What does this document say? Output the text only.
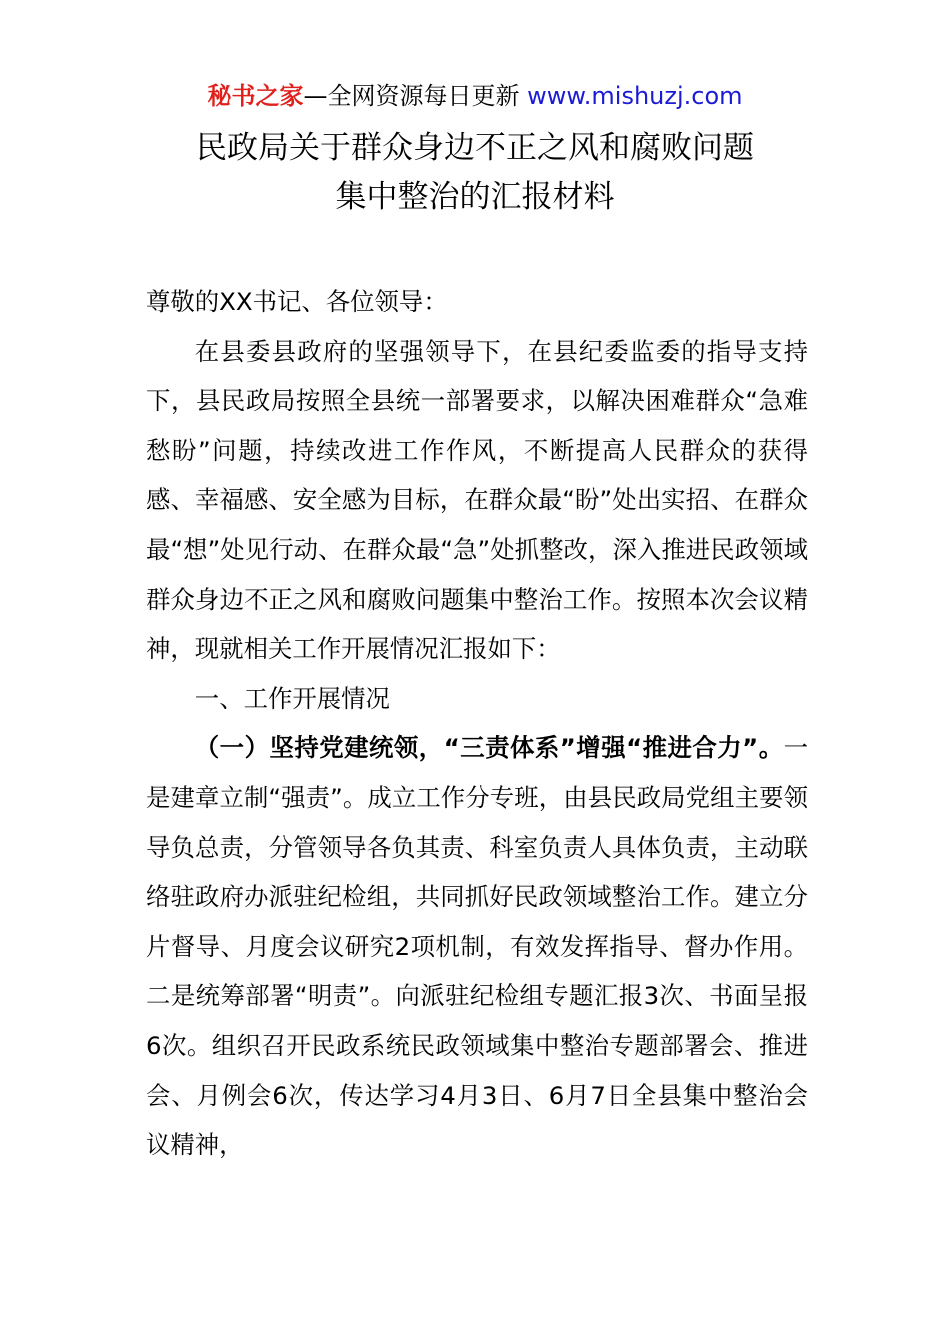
秘书之家—全网资源每日更新 www.mishuzj.com
民政局关于群众身边不正之风和腐败问题
集中整治的汇报材料

尊敬的XX书记、各位领导：

在县委县政府的坚强领导下，在县纪委监委的指导支持下，县民政局按照全县统一部署要求，以解决困难群众“急难愁盼”问题，持续改进工作作风，不断提高人民群众的获得感、幸福感、安全感为目标，在群众最“盼”处出实招、在群众最“想”处见行动、在群众最“急”处抓整改，深入推进民政领域群众身边不正之风和腐败问题集中整治工作。按照本次会议精神，现就相关工作开展情况汇报如下：

一、工作开展情况

（一）坚持党建统领，“三责体系”增强“推进合力”。一是建章立制“强责”。成立工作分专班，由县民政局党组主要领导负总责，分管领导各负其责、科室负责人具体负责，主动联络驻政府办派驻纪检组，共同抓好民政领域整治工作。建立分片督导、月度会议研究2项机制，有效发挥指导、督办作用。二是统筹部署“明责”。向派驻纪检组专题汇报3次、书面呈报6次。组织召开民政系统民政领域集中整治专题部署会、推进会、月例会6次，传达学习4月3日、6月7日全县集中整治会议精神，
